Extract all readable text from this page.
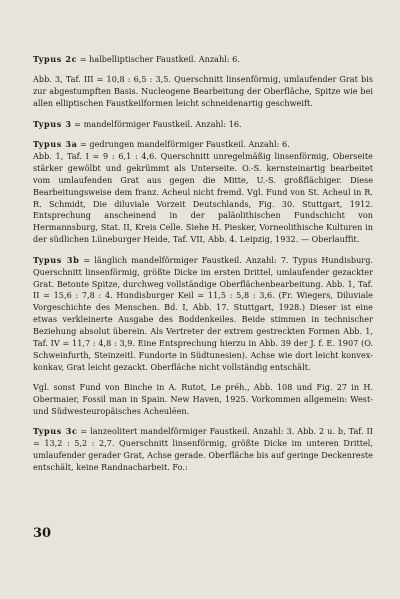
Typus 2c = halbelliptischer Faustkeil. Anzahl: 6.

Abb. 3, Taf. III = 10,8 : 6,5 : 3,5. Querschnitt linsenförmig, umlaufender Grat bis zur abgestumpften Basis. Nucleogene Bearbeitung der Oberfläche, Spitze wie bei allen elliptischen Faustkeilformen leicht schneidenartig geschweift.

Typus 3 = mandelförmiger Faustkeil. Anzahl: 16.

Typus 3a = gedrungen mandelförmiger Faustkeil. Anzahl: 6.

Abb. 1, Taf. I = 9 : 6,1 : 4,6. Querschnitt unregelmäßig linsenförmig, Oberseite stärker gewölbt und gekrümmt als Unterseite. O.-S. kernsteinartig bearbeitet vom umlaufenden Grat aus gegen die Mitte, U.-S. großflächiger. Diese Bearbeitungsweise dem franz. Acheul nicht fremd. Vgl. Fund von St. Acheul in R. R. Schmidt, Die diluviale Vorzeit Deutschlands, Fig. 30. Stuttgart, 1912. Entsprechung anscheinend in der paläolithischen Fundschicht von Hermannsburg, Stat. II, Kreis Celle. Siehe H. Piesker, Vorneolithische Kulturen in der südlichen Lüneburger Heide, Taf. VII, Abb. 4. Leipzig, 1932. — Oberlauffit.

Typus 3b = länglich mandelförmiger Faustkeil. Anzahl: 7. Typus Hundisburg. Querschnitt linsenförmig, größte Dicke im ersten Drittel, umlaufender gezackter Grat. Betonte Spitze, durchweg vollständige Oberflächenbearbeitung. Abb. 1, Taf. II = 15,6 : 7,8 : 4. Hundisburger Keil = 11,5 : 5,8 : 3,6. (Fr. Wiegers, Diluviale Vorgeschichte des Menschen. Bd. I, Abb. 17. Stuttgart, 1928.) Dieser ist eine etwas verkleinerte Ausgabe des Boddenkeiles. Beide stimmen in technischer Beziehung absolut überein. Als Vertreter der extrem gestreckten Formen Abb. 1, Taf. IV = 11,7 : 4,8 : 3,9. Eine Entsprechung hierzu in Abb. 39 der J. f. E. 1907 (O. Schweinfurth, Steinzeitl. Fundorte in Südtunesien). Achse wie dort leicht konvex-konkav, Grat leicht gezackt. Oberfläche nicht vollständig entschält.

Vgl. sonst Fund von Binche in A. Rutot, Le préh., Abb. 108 und Fig. 27 in H. Obermaier, Fossil man in Spain. New Haven, 1925. Vorkommen allgemein: West- und Südwesteuropäisches Acheuléen.

Typus 3c = lanzeolitert mandelförmiger Faustkeil. Anzahl: 3. Abb. 2 u. b, Taf. II = 13,2 : 5,2 : 2,7. Querschnitt linsenförmig, größte Dicke im unteren Drittel, umlaufender gerader Grat, Achse gerade. Oberfläche bis auf geringe Deckenreste entschält, keine Randnacharbeit. Fo.:

30
